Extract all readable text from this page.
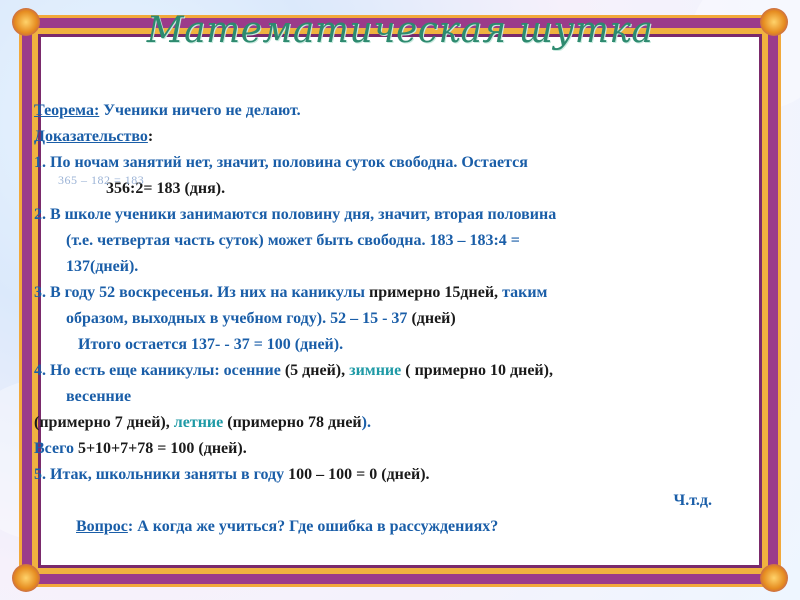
Математическая шутка
Теорема: Ученики ничего не делают.
Доказательство:
1. По ночам занятий нет, значит, половина суток свободна. Остается
365 – 182 = 183
356:2= 183 (дня).
2. В школе ученики занимаются половину дня, значит, вторая половина
(т.е. четвертая часть суток) может быть свободна. 183 – 183:4 =
137(дней).
3. В году 52 воскресенья. Из них на каникулы примерно 15дней, таким
образом, выходных в учебном году). 52 – 15 - 37 (дней)
Итого остается 137- - 37 = 100 (дней).
4. Но есть еще каникулы: осенние (5 дней), зимние ( примерно 10 дней),
весенние
(примерно 7 дней), летние (примерно 78 дней).
Всего 5+10+7+78 = 100 (дней).
5. Итак, школьники заняты в году 100 – 100 = 0 (дней).
Ч.т.д.
Вопрос: А когда же учиться? Где ошибка в рассуждениях?
